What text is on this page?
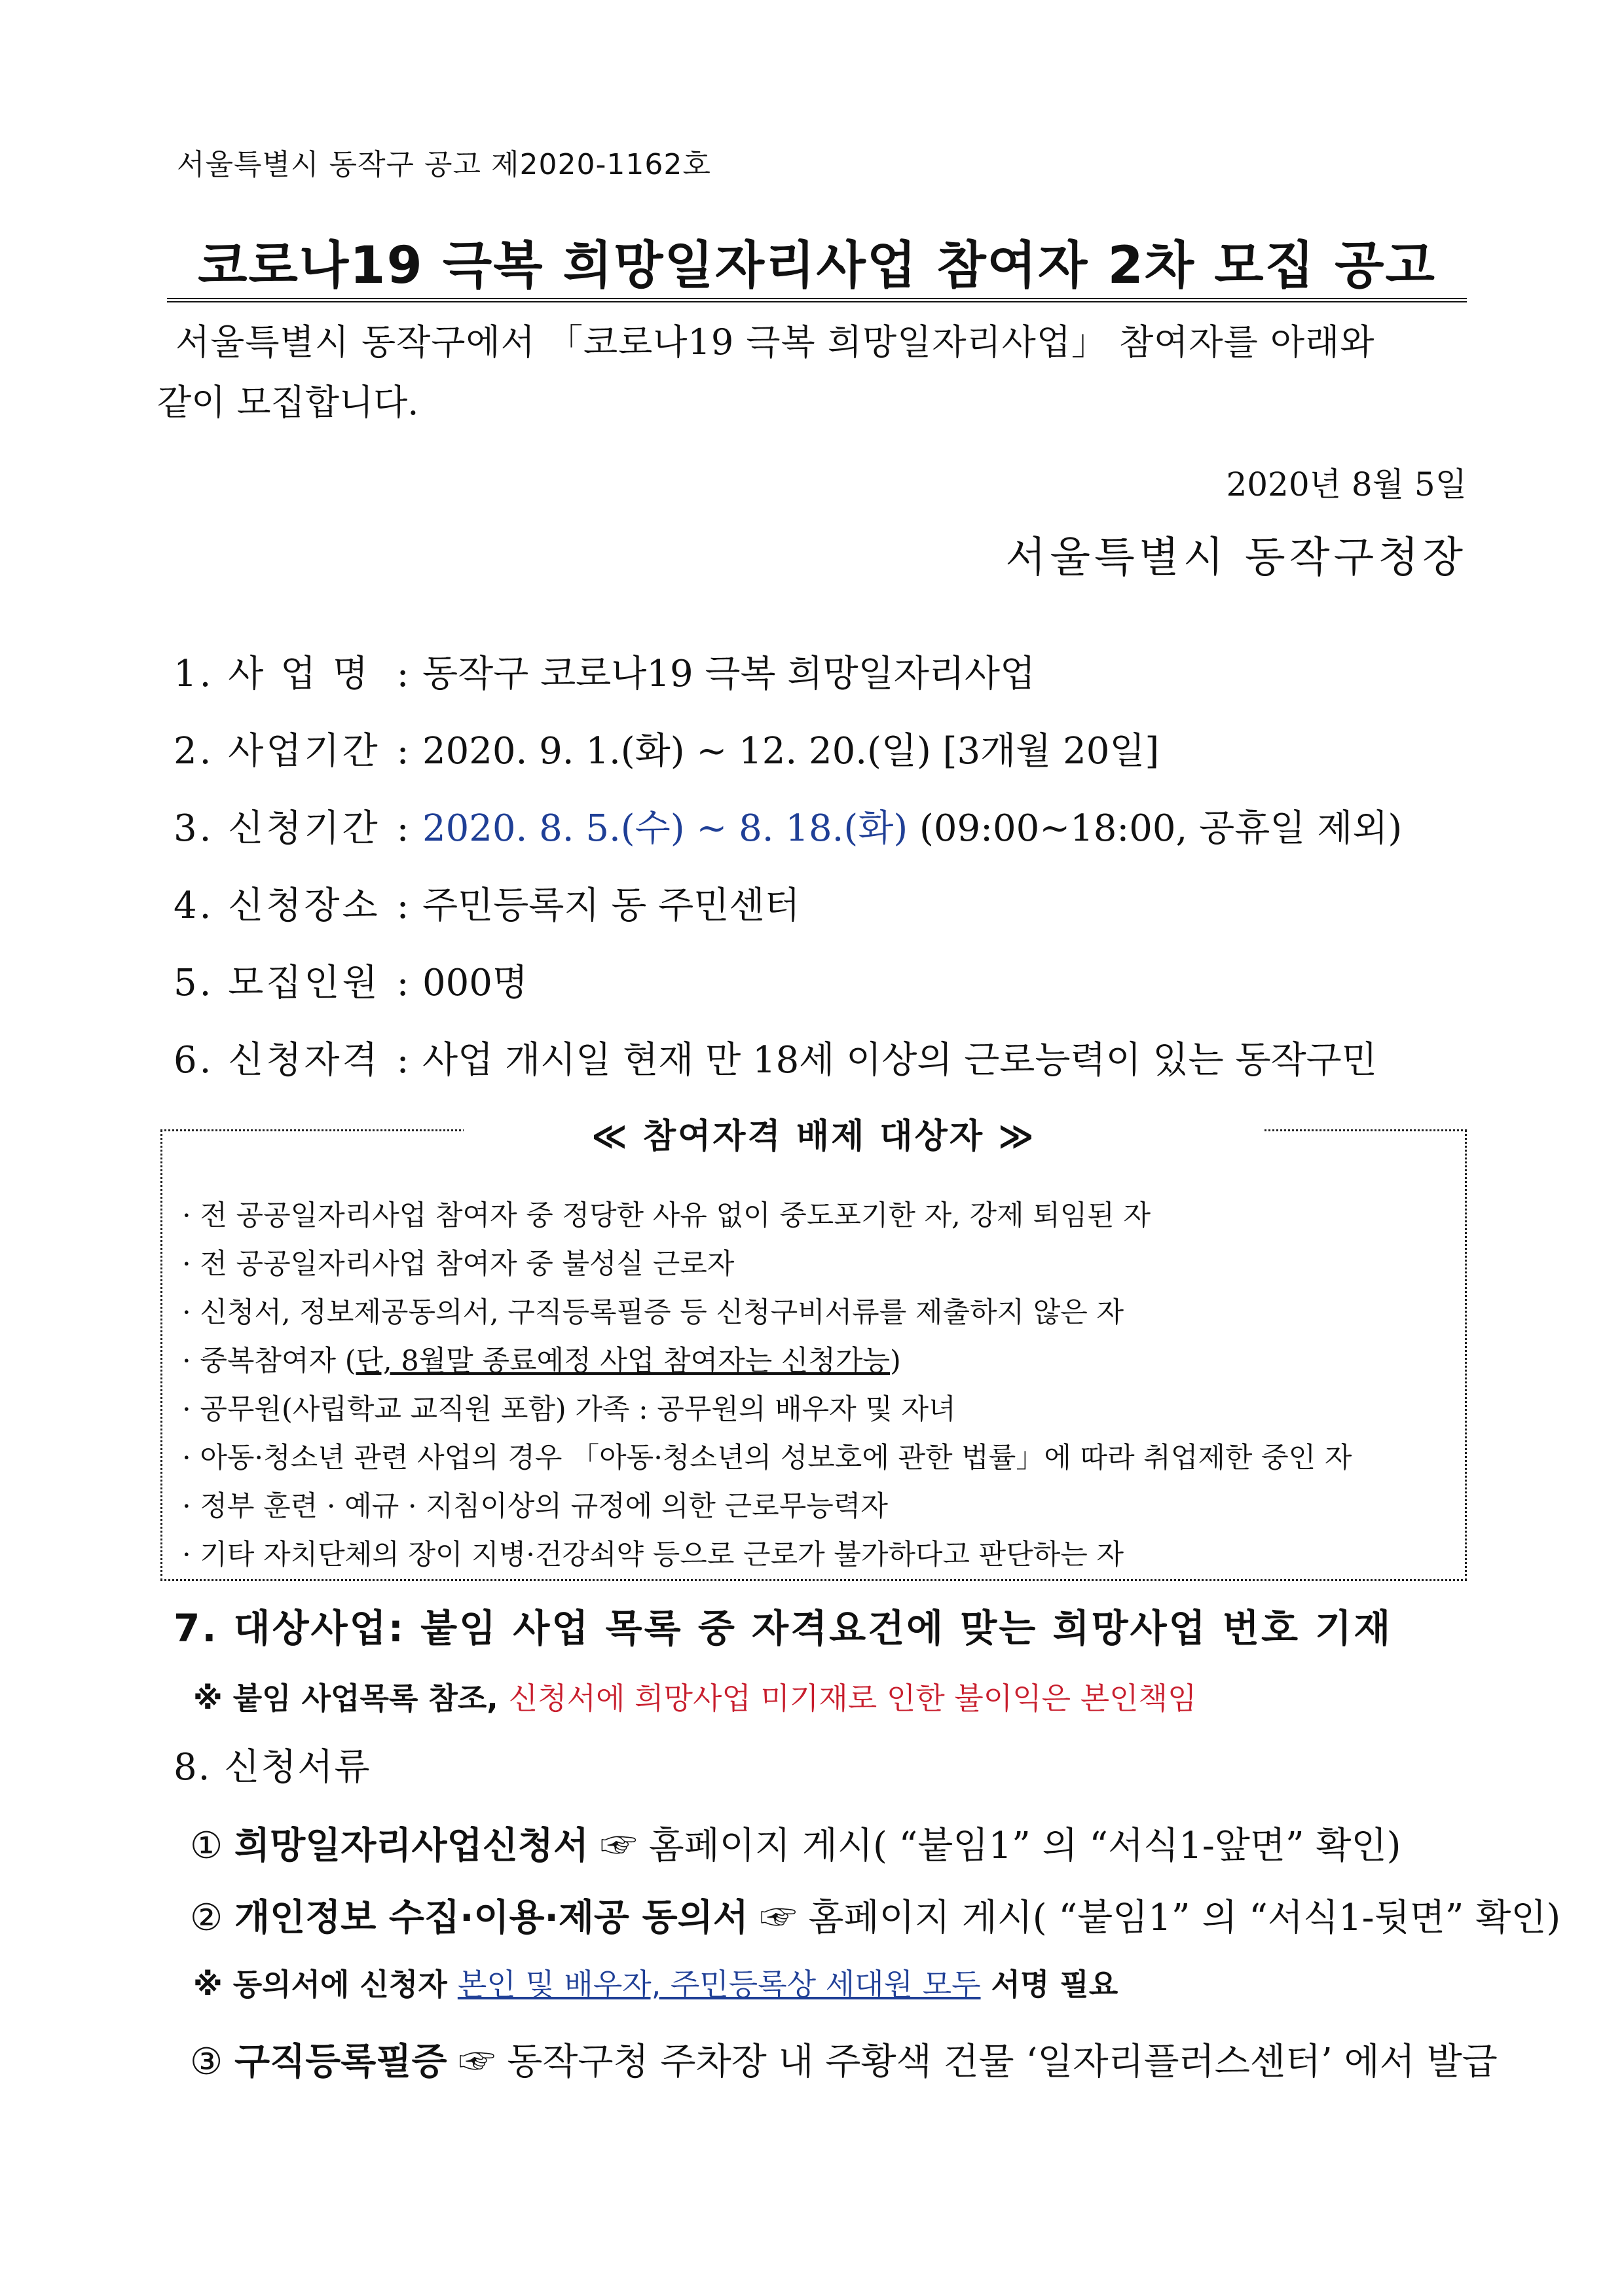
서울특별시 동작구 공고 제2020-1162호
코로나19 극복 희망일자리사업 참여자 2차 모집 공고
서울특별시 동작구에서 「코로나19 극복 희망일자리사업」 참여자를 아래와
같이 모집합니다.
2020년 8월 5일
서울특별시 동작구청장
1. 사 업 명 : 동작구 코로나19 극복 희망일자리사업
2. 사업기간 : 2020. 9. 1.(화) ~ 12. 20.(일) [3개월 20일]
3. 신청기간 : 2020. 8. 5.(수) ~ 8. 18.(화) (09:00~18:00, 공휴일 제외)
4. 신청장소 : 주민등록지 동 주민센터
5. 모집인원 : 000명
6. 신청자격 : 사업 개시일 현재 만 18세 이상의 근로능력이 있는 동작구민
≪ 참여자격 배제 대상자 ≫
· 전 공공일자리사업 참여자 중 정당한 사유 없이 중도포기한 자, 강제 퇴임된 자
· 전 공공일자리사업 참여자 중 불성실 근로자
· 신청서, 정보제공동의서, 구직등록필증 등 신청구비서류를 제출하지 않은 자
· 중복참여자 (단, 8월말 종료예정 사업 참여자는 신청가능)
· 공무원(사립학교 교직원 포함) 가족 : 공무원의 배우자 및 자녀
· 아동·청소년 관련 사업의 경우 「아동·청소년의 성보호에 관한 법률」에 따라 취업제한 중인 자
· 정부 훈련 · 예규 · 지침이상의 규정에 의한 근로무능력자
· 기타 자치단체의 장이 지병·건강쇠약 등으로 근로가 불가하다고 판단하는 자
7. 대상사업: 붙임 사업 목록 중 자격요건에 맞는 희망사업 번호 기재
※ 붙임 사업목록 참조, 신청서에 희망사업 미기재로 인한 불이익은 본인책임
8. 신청서류
① 희망일자리사업신청서 ☞ 홈페이지 게시( “붙임1” 의 “서식1-앞면” 확인)
② 개인정보 수집·이용·제공 동의서 ☞ 홈페이지 게시( “붙임1” 의 “서식1-뒷면” 확인)
※ 동의서에 신청자 본인 및 배우자, 주민등록상 세대원 모두 서명 필요
③ 구직등록필증 ☞ 동작구청 주차장 내 주황색 건물 ‘일자리플러스센터’ 에서 발급
